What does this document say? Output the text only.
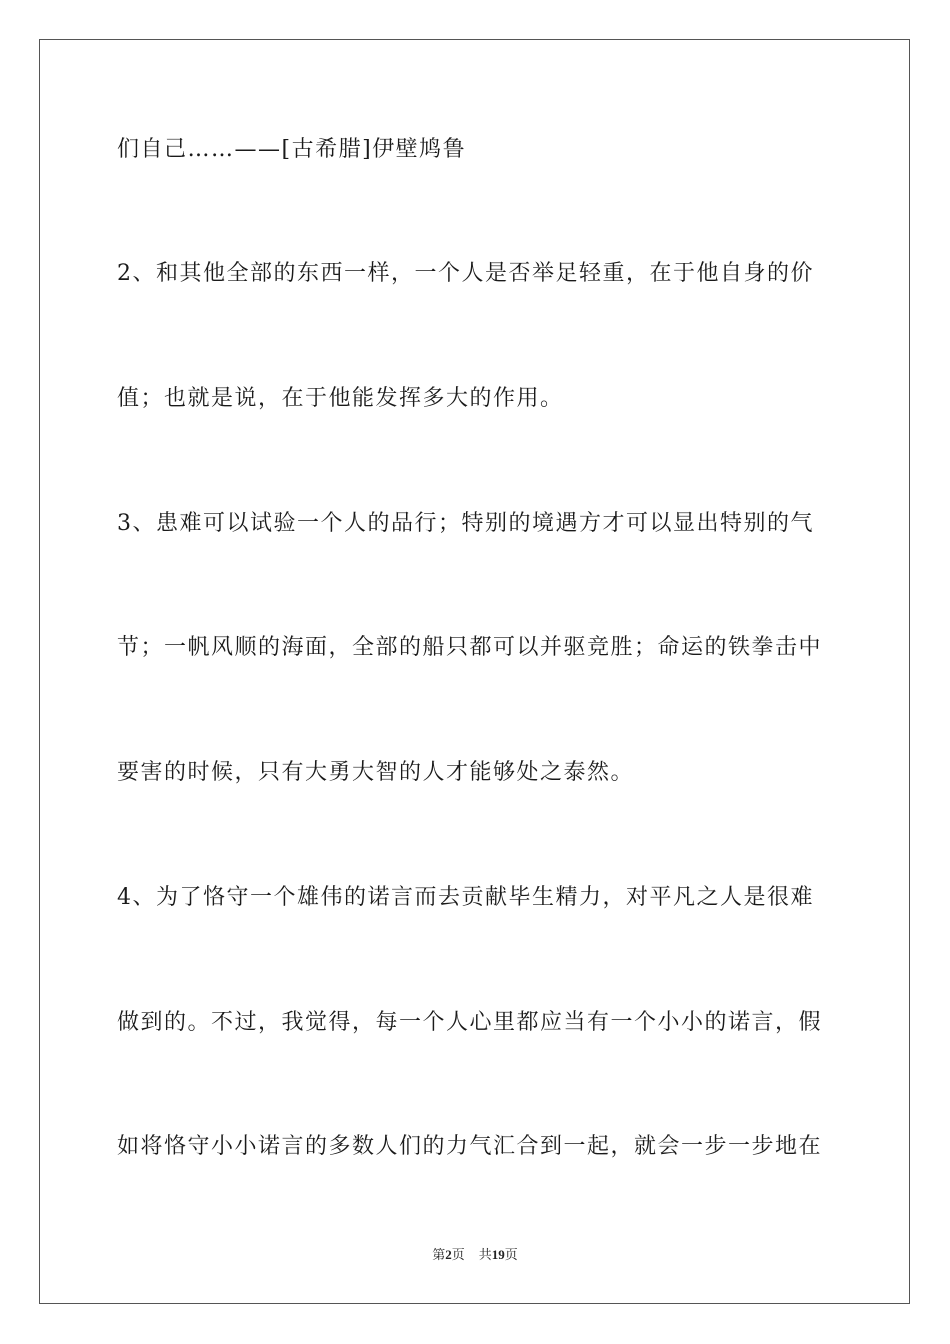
们自己……——[古希腊]伊壁鸠鲁
2、和其他全部的东西一样，一个人是否举足轻重，在于他自身的价
值；也就是说，在于他能发挥多大的作用。
3、患难可以试验一个人的品行；特别的境遇方才可以显出特别的气
节；一帆风顺的海面，全部的船只都可以并驱竞胜；命运的铁拳击中
要害的时候，只有大勇大智的人才能够处之泰然。
4、为了恪守一个雄伟的诺言而去贡献毕生精力，对平凡之人是很难
做到的。不过，我觉得，每一个人心里都应当有一个小小的诺言，假
如将恪守小小诺言的多数人们的力气汇合到一起，就会一步一步地在
第2页 共19页
